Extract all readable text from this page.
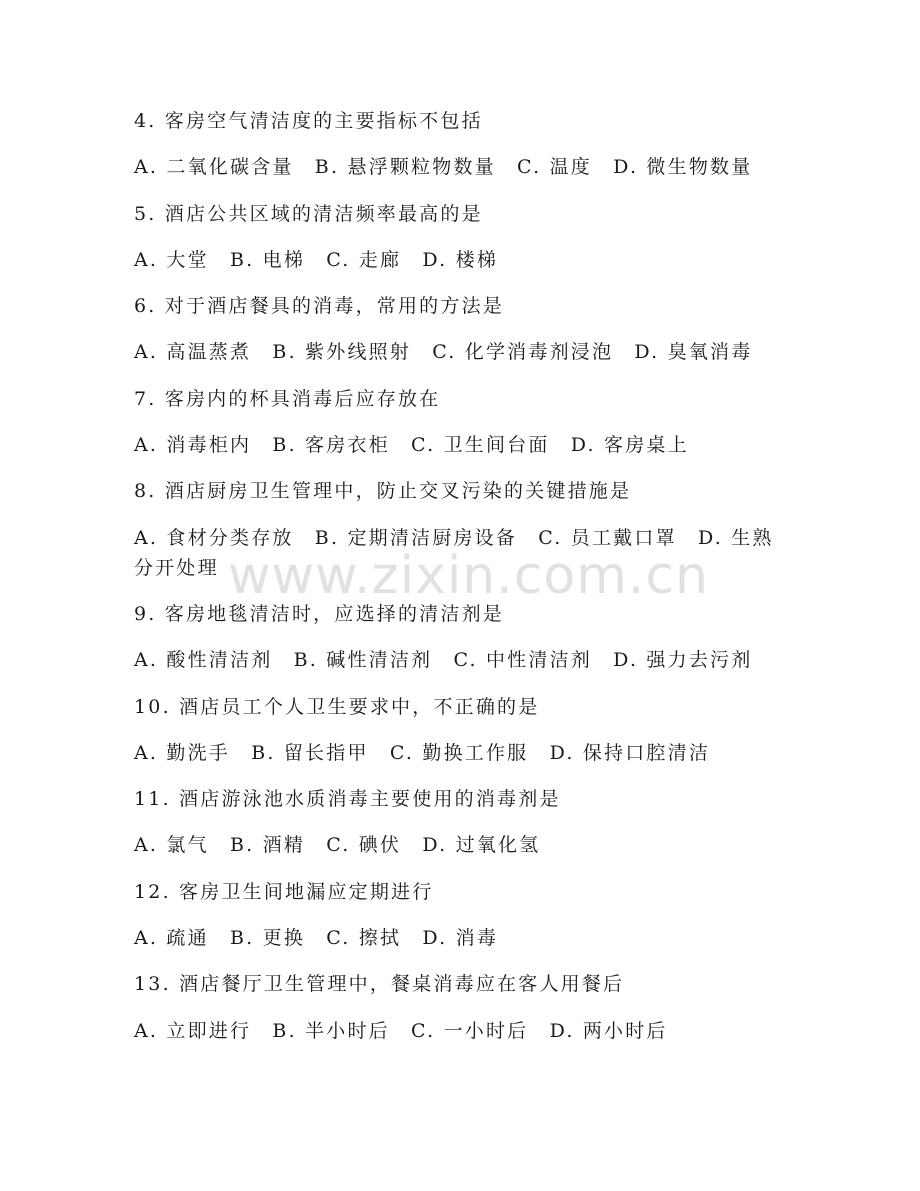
4. 客房空气清洁度的主要指标不包括
A. 二氧化碳含量　B. 悬浮颗粒物数量　C. 温度　D. 微生物数量
5. 酒店公共区域的清洁频率最高的是
A. 大堂　B. 电梯　C. 走廊　D. 楼梯
6. 对于酒店餐具的消毒，常用的方法是
A. 高温蒸煮　B. 紫外线照射　C. 化学消毒剂浸泡　D. 臭氧消毒
7. 客房内的杯具消毒后应存放在
A. 消毒柜内　B. 客房衣柜　C. 卫生间台面　D. 客房桌上
8. 酒店厨房卫生管理中，防止交叉污染的关键措施是
A. 食材分类存放　B. 定期清洁厨房设备　C. 员工戴口罩　D. 生熟分开处理
9. 客房地毯清洁时，应选择的清洁剂是
A. 酸性清洁剂　B. 碱性清洁剂　C. 中性清洁剂　D. 强力去污剂
10. 酒店员工个人卫生要求中，不正确的是
A. 勤洗手　B. 留长指甲　C. 勤换工作服　D. 保持口腔清洁
11. 酒店游泳池水质消毒主要使用的消毒剂是
A. 氯气　B. 酒精　C. 碘伏　D. 过氧化氢
12. 客房卫生间地漏应定期进行
A. 疏通　B. 更换　C. 擦拭　D. 消毒
13. 酒店餐厅卫生管理中，餐桌消毒应在客人用餐后
A. 立即进行　B. 半小时后　C. 一小时后　D. 两小时后
www.zixin.com.cn
